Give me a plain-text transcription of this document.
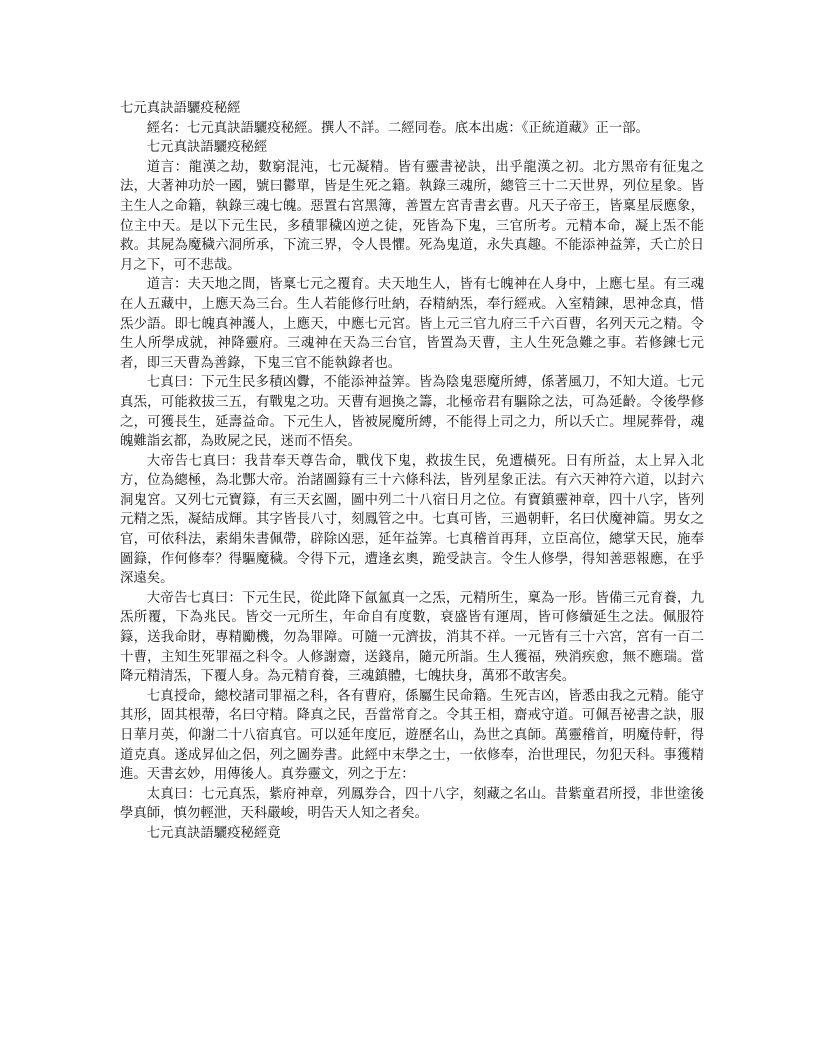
七元真訣語驪疫秘經

經名：七元真訣語驪疫秘經。撰人不詳。二經同卷。底本出處：《正統道藏》正一部。

七元真訣語驪疫秘經

道言：龍漢之劫，數窮混沌，七元凝精。皆有靈書祕訣，出乎龍漢之初。北方黑帝有征鬼之法，大著神功於一國，號曰鬱單，皆是生死之籍。執錄三魂所，總管三十二天世界，列位星象。皆主生人之命籍，執錄三魂七魄。惡置右宮黑簿，善置左宮青書玄曹。凡天子帝王，皆稟星辰應象，位主中天。是以下元生民，多積罪穢凶逆之徒，死皆為下鬼，三官所考。元精本命，凝上炁不能救。其屍為魔穢六洞所承，下流三界，令人畏懼。死為鬼道，永失真趣。不能添神益筭，夭亡於日月之下，可不悲哉。

道言：夫天地之間，皆稟七元之覆育。夫天地生人，皆有七魄神在人身中，上應七星。有三魂在人五藏中，上應天為三台。生人若能修行吐納，吞精納炁，奉行經戒。入室精鍊，思神念真，惜炁少語。即七魄真神護人，上應天，中應七元宮。皆上元三官九府三千六百曹，名列天元之精。令生人所學成就，神降靈府。三魂神在天為三台官，皆置為天曹，主人生死急難之事。若修鍊七元者，即三天曹為善錄，下鬼三官不能執錄者也。

七真曰：下元生民多積凶釁，不能添神益筭。皆為陰鬼惡魔所縛，係著風刀，不知大道。七元真炁，可能救拔三五，有戰鬼之功。天曹有迴換之籌，北極帝君有驅除之法，可為延齡。令後學修之，可獲長生，延壽益命。下元生人，皆被屍魔所縛，不能得上司之力，所以夭亡。埋屍葬骨，魂魄難詣玄都，為敗屍之民，迷而不悟矣。

大帝告七真曰：我昔奉天尊告命，戰伐下鬼，救拔生民，免遭橫死。日有所益，太上昇入北方，位為總極，為北酆大帝。治諸圖籙有三十六條科法，皆列星象正法。有六天神符六道，以封六洞鬼宮。又列七元寶籙，有三天玄圖，圖中列二十八宿日月之位。有寶鎮靈神章，四十八字，皆列元精之炁，凝結成輝。其字皆長八寸，刻鳳管之中。七真可皆，三過朝軒，名曰伏魔神篇。男女之官，可依科法，素絹朱書佩帶，辟除凶惡，延年益筭。七真稽首再拜，立臣高位，總掌天民，施奉圖籙，作何修奉？得驅魔穢。令得下元，遭逢玄奧，跪受訣言。令生人修學，得知善惡報應，在乎深遠矣。

大帝告七真曰：下元生民，從此降下氤氳真一之炁，元精所生，稟為一形。皆備三元育養，九炁所覆，下為兆民。皆交一元所生，年命自有度數，衰盛皆有運周，皆可修續延生之法。佩服符籙，送我命財，專精勵機，勿為罪障。可隨一元濟拔，消其不祥。一元皆有三十六宮，宮有一百二十曹，主知生死罪福之科令。人修謝齋，送錢帛，隨元所詣。生人獲福，殃消疾愈，無不應瑞。當降元精清炁，下覆人身。為元精育養，三魂鎮體，七魄扶身，萬邪不敢害矣。

七真授命，總校諸司罪福之科，各有曹府，係屬生民命籍。生死吉凶，皆悉由我之元精。能守其形，固其根蔕，名曰守精。降真之民，吾當常育之。令其王相，齋戒守道。可佩吾祕書之訣，服日華月英，仰謝二十八宿真官。可以延年度厄，遊歷名山，為世之真師。萬靈稽首，明魔侍軒，得道克真。遂成昇仙之侶，列之圖券書。此經中末學之士，一依修奉，治世理民，勿犯天科。事獲精進。天書玄妙，用傳後人。真券靈文，列之于左：

太真曰：七元真炁，紫府神章，列鳳券合，四十八字，刻藏之名山。昔紫童君所授，非世塗後學真師，慎勿輕泄，天科嚴峻，明告天人知之者矣。

七元真訣語驪疫秘經竟
